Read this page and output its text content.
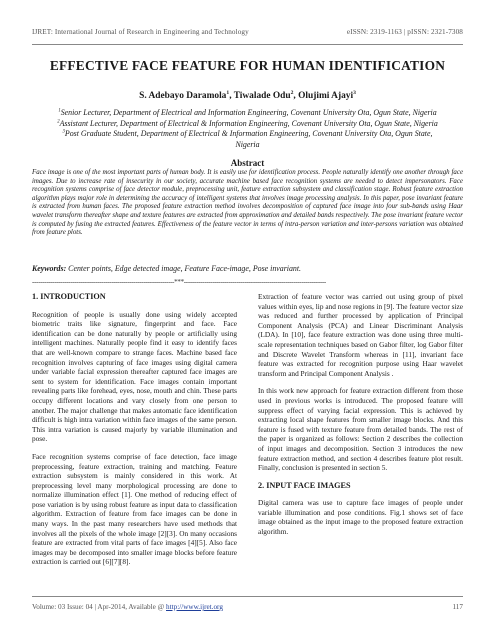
IJRET: International Journal of Research in Engineering and Technology	eISSN: 2319-1163 | pISSN: 2321-7308
EFFECTIVE FACE FEATURE FOR HUMAN IDENTIFICATION
S. Adebayo Daramola$^1$, Tiwalade Odu$^2$, Olujimi Ajayi$^3$
$^1$Senior Lecturer, Department of Electrical and Information Engineering, Covenant University Ota, Ogun State, Nigeria
$^2$Assistant Lecturer, Department of Electrical & Information Engineering, Covenant University Ota, Ogun State, Nigeria
$^3$Post Graduate Student, Department of Electrical & Information Engineering, Covenant University Ota, Ogun State,
Nigeria
Abstract
Face image is one of the most important parts of human body. It is easily use for identification process. People naturally identify one another through face images. Due to increase rate of insecurity in our society, accurate machine based face recognition systems are needed to detect impersonators. Face recognition systems comprise of face detector module, preprocessing unit, feature extraction subsystem and classification stage. Robust feature extraction algorithm plays major role in determining the accuracy of intelligent systems that involves image processing analysis. In this paper, pose invariant feature is extracted from human faces. The proposed feature extraction method involves decomposition of captured face image into four sub-bands using Haar wavelet transform thereafter shape and texture features are extracted from approximation and detailed bands respectively. The pose invariant feature vector is computed by fusing the extracted features. Effectiveness of the feature vector in terms of intra-person variation and inter-persons variation was obtained from feature plots.
Keywords: Center points, Edge detected image, Feature Face-image, Pose invariant.
----------------------------------------------------------------------***----------------------------------------------------------------------
1. INTRODUCTION

Recognition of people is usually done using widely accepted biometric traits like signature, fingerprint and face. Face identification can be done naturally by people or artificially using intelligent machines. Naturally people find it easy to identify faces that are well-known compare to strange faces. Machine based face recognition involves capturing of face images using digital camera under variable facial expression thereafter captured face images are sent to system for identification. Face images contain important revealing parts like forehead, eyes, nose, mouth and chin. These parts occupy different locations and vary closely from one person to another. The major challenge that makes automatic face identification difficult is high intra variation within face images of the same person. This intra variation is caused majorly by variable illumination and pose.

Face recognition systems comprise of face detection, face image preprocessing, feature extraction, training and matching. Feature extraction subsystem is mainly considered in this work. At preprocessing level many morphological processing are done to normalize illumination effect [1]. One method of reducing effect of pose variation is by using robust feature as input data to classification algorithm. Extraction of feature from face images can be done in many ways. In the past many researchers have used methods that involves all the pixels of the whole image [2][3]. On many occasions feature are extracted from vital parts of face images [4][5]. Also face images may be decomposed into smaller image blocks before feature extraction is carried out [6][7][8].

Extraction of feature vector was carried out using group of pixel values within eyes, lip and nose regions in [9]. The feature vector size was reduced and further processed by application of Principal Component Analysis (PCA) and Linear Discriminant Analysis (LDA). In [10], face feature extraction was done using three multi-scale representation techniques based on Gabor filter, log Gabor filter and Discrete Wavelet Transform whereas in [11], invariant face feature was extracted for recognition purpose using Haar wavelet transform and Principal Component Analysis .

In this work new approach for feature extraction different from those used in previous works is introduced. The proposed feature will suppress effect of varying facial expression. This is achieved by extracting local shape features from smaller image blocks. And this feature is fused with texture feature from detailed bands. The rest of the paper is organized as follows: Section 2 describes the collection of input images and decomposition. Section 3 introduces the new feature extraction method, and section 4 describes feature plot result. Finally, conclusion is presented in section 5.

2. INPUT FACE IMAGES

Digital camera was use to capture face images of people under variable illumination and pose conditions. Fig.1 shows set of face image obtained as the input image to the proposed feature extraction algorithm.

Volume: 03 Issue: 04 | Apr-2014, Available @ http://www.ijret.org	117
